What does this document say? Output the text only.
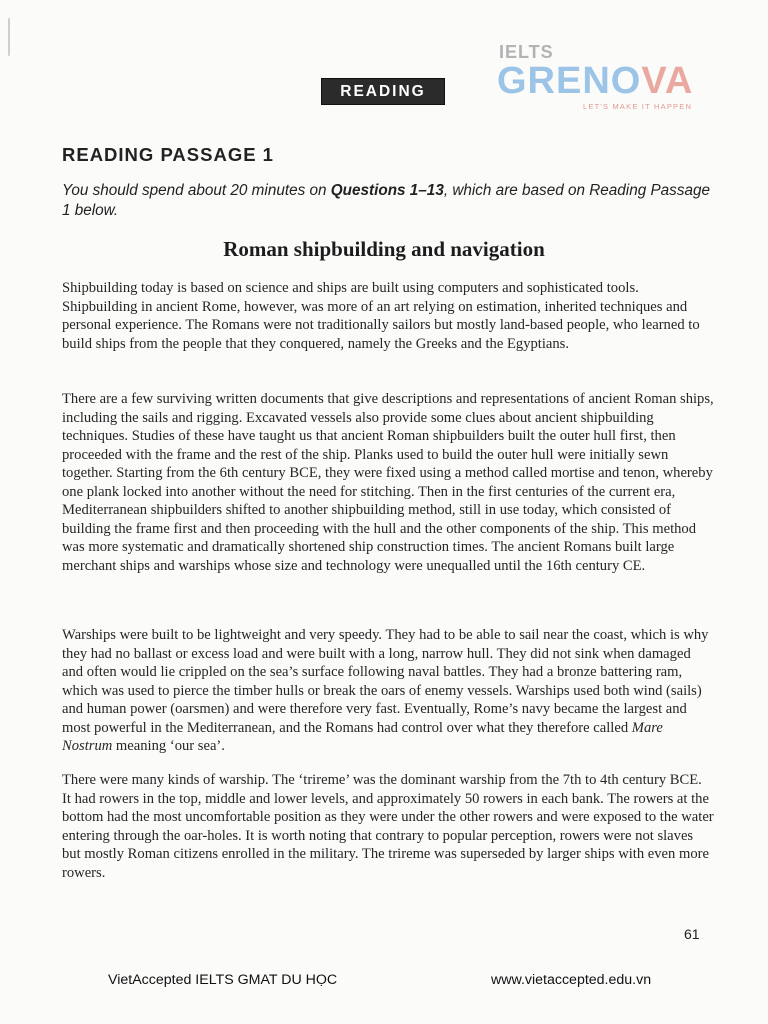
READING
IELTS
GRENOVA
LET'S MAKE IT HAPPEN
READING PASSAGE 1
You should spend about 20 minutes on Questions 1–13, which are based on Reading Passage 1 below.
Roman shipbuilding and navigation
Shipbuilding today is based on science and ships are built using computers and sophisticated tools. Shipbuilding in ancient Rome, however, was more of an art relying on estimation, inherited techniques and personal experience. The Romans were not traditionally sailors but mostly land-based people, who learned to build ships from the people that they conquered, namely the Greeks and the Egyptians.
There are a few surviving written documents that give descriptions and representations of ancient Roman ships, including the sails and rigging. Excavated vessels also provide some clues about ancient shipbuilding techniques. Studies of these have taught us that ancient Roman shipbuilders built the outer hull first, then proceeded with the frame and the rest of the ship. Planks used to build the outer hull were initially sewn together. Starting from the 6th century BCE, they were fixed using a method called mortise and tenon, whereby one plank locked into another without the need for stitching. Then in the first centuries of the current era, Mediterranean shipbuilders shifted to another shipbuilding method, still in use today, which consisted of building the frame first and then proceeding with the hull and the other components of the ship. This method was more systematic and dramatically shortened ship construction times. The ancient Romans built large merchant ships and warships whose size and technology were unequalled until the 16th century CE.
Warships were built to be lightweight and very speedy. They had to be able to sail near the coast, which is why they had no ballast or excess load and were built with a long, narrow hull. They did not sink when damaged and often would lie crippled on the sea’s surface following naval battles. They had a bronze battering ram, which was used to pierce the timber hulls or break the oars of enemy vessels. Warships used both wind (sails) and human power (oarsmen) and were therefore very fast. Eventually, Rome’s navy became the largest and most powerful in the Mediterranean, and the Romans had control over what they therefore called Mare Nostrum meaning ‘our sea’.
There were many kinds of warship. The ‘trireme’ was the dominant warship from the 7th to 4th century BCE. It had rowers in the top, middle and lower levels, and approximately 50 rowers in each bank. The rowers at the bottom had the most uncomfortable position as they were under the other rowers and were exposed to the water entering through the oar-holes. It is worth noting that contrary to popular perception, rowers were not slaves but mostly Roman citizens enrolled in the military. The trireme was superseded by larger ships with even more rowers.
61
VietAccepted IELTS GMAT DU HỌC	www.vietaccepted.edu.vn
